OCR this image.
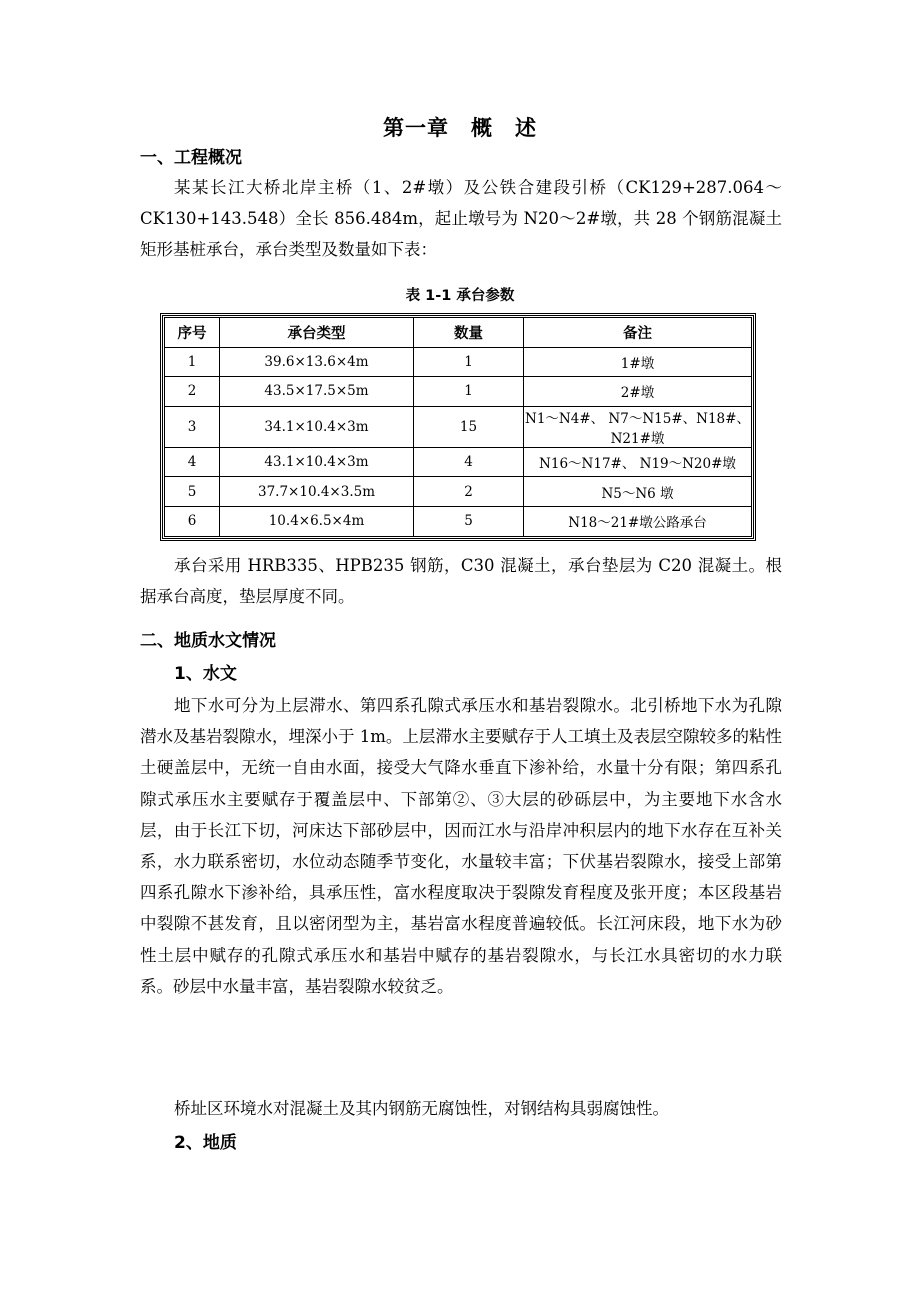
第一章　概　述
一、工程概况

某某长江大桥北岸主桥（1、2#墩）及公铁合建段引桥（CK129+287.064～CK130+143.548）全长 856.484m，起止墩号为 N20～2#墩，共 28 个钢筋混凝土矩形基桩承台，承台类型及数量如下表：

表 1-1 承台参数
序号	承台类型	数量	备注
1	39.6×13.6×4m	1	1#墩
2	43.5×17.5×5m	1	2#墩
3	34.1×10.4×3m	15	N1～N4#、 N7～N15#、N18#、N21#墩
4	43.1×10.4×3m	4	N16～N17#、 N19～N20#墩
5	37.7×10.4×3.5m	2	N5～N6 墩
6	10.4×6.5×4m	5	N18～21#墩公路承台

承台采用 HRB335、HPB235 钢筋，C30 混凝土，承台垫层为 C20 混凝土。根据承台高度，垫层厚度不同。

二、地质水文情况
1、水文

地下水可分为上层滞水、第四系孔隙式承压水和基岩裂隙水。北引桥地下水为孔隙潜水及基岩裂隙水，埋深小于 1m。上层滞水主要赋存于人工填土及表层空隙较多的粘性土硬盖层中，无统一自由水面，接受大气降水垂直下渗补给，水量十分有限；第四系孔隙式承压水主要赋存于覆盖层中、下部第②、③大层的砂砾层中，为主要地下水含水层，由于长江下切，河床达下部砂层中，因而江水与沿岸冲积层内的地下水存在互补关系，水力联系密切，水位动态随季节变化，水量较丰富；下伏基岩裂隙水，接受上部第四系孔隙水下渗补给，具承压性，富水程度取决于裂隙发育程度及张开度；本区段基岩中裂隙不甚发育，且以密闭型为主，基岩富水程度普遍较低。长江河床段，地下水为砂性土层中赋存的孔隙式承压水和基岩中赋存的基岩裂隙水，与长江水具密切的水力联系。砂层中水量丰富，基岩裂隙水较贫乏。

桥址区环境水对混凝土及其内钢筋无腐蚀性，对钢结构具弱腐蚀性。

2、地质
